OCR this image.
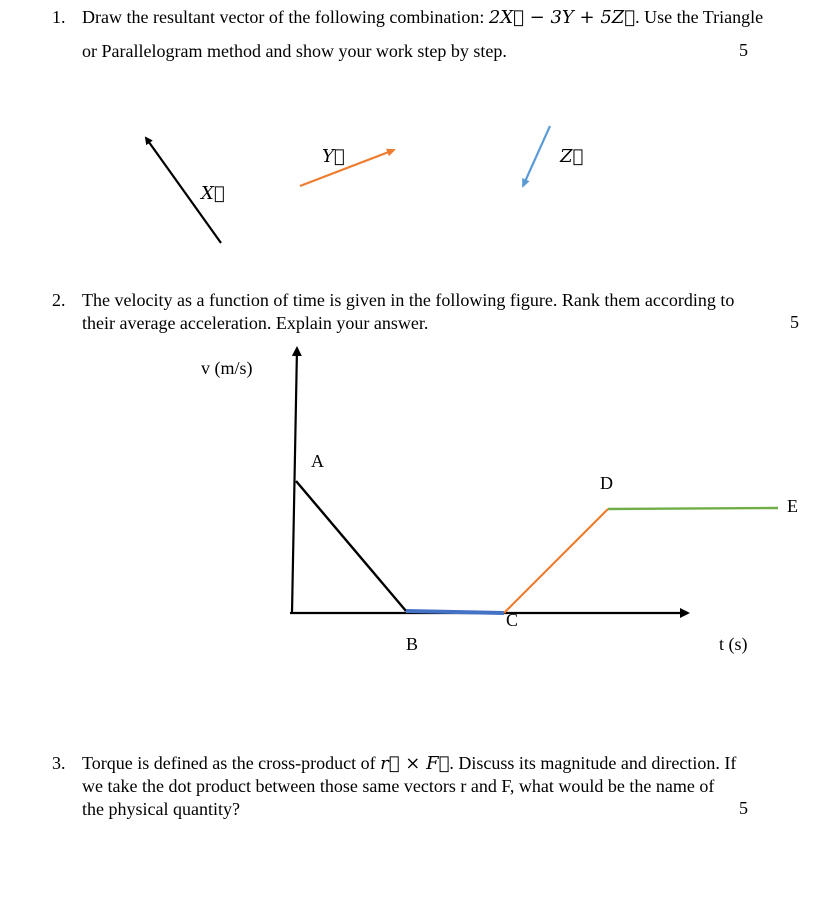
1. Draw the resultant vector of the following combination: 2X⃗ − 3Y + 5Z⃗. Use the Triangle
or Parallelogram method and show your work step by step.	5
X⃗
Y⃗	Z⃗
2. The velocity as a function of time is given in the following figure. Rank them according to
their average acceleration. Explain your answer.	5
v (m/s)
t (s)
A
B
C
D
E
3. Torque is defined as the cross-product of r⃗ × F⃗. Discuss its magnitude and direction. If
we take the dot product between those same vectors r and F, what would be the name of
the physical quantity?	5
